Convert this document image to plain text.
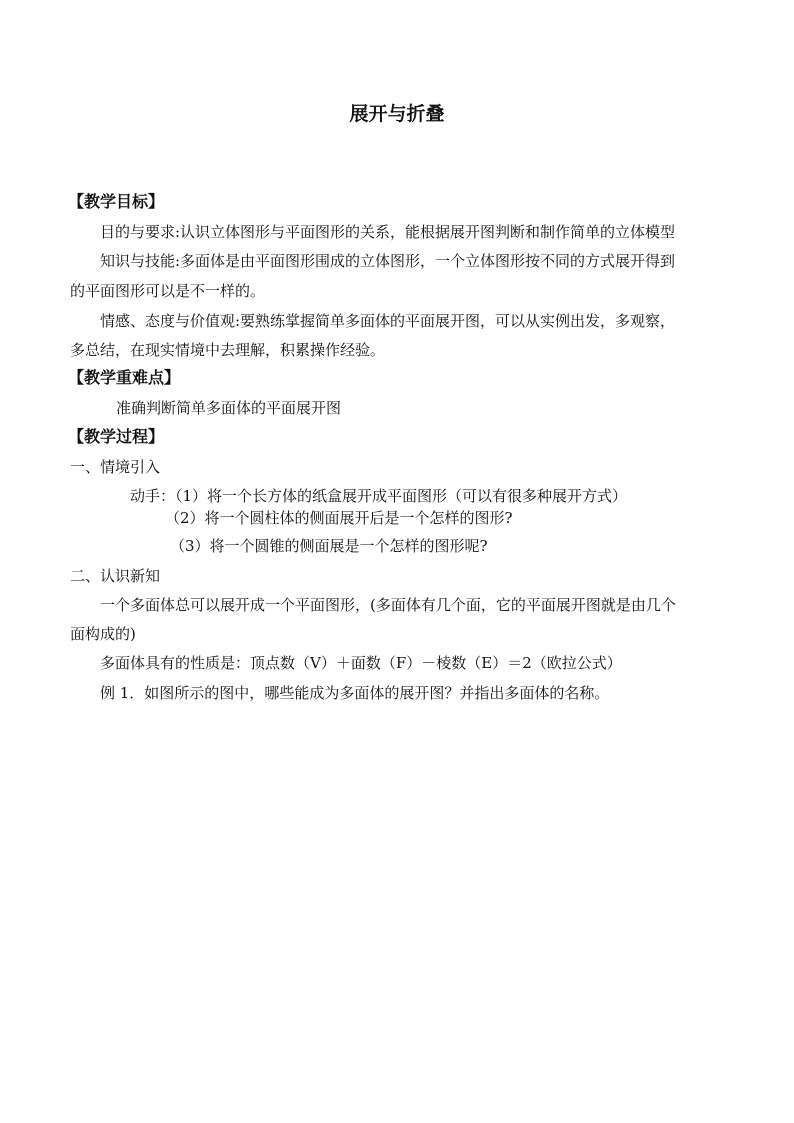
展开与折叠
【教学目标】
目的与要求:认识立体图形与平面图形的关系，能根据展开图判断和制作简单的立体模型
知识与技能:多面体是由平面图形围成的立体图形，一个立体图形按不同的方式展开得到
的平面图形可以是不一样的。
情感、态度与价值观:要熟练掌握简单多面体的平面展开图，可以从实例出发，多观察，
多总结，在现实情境中去理解，积累操作经验。
【教学重难点】
准确判断简单多面体的平面展开图
【教学过程】
一、情境引入
动手：（1）将一个长方体的纸盒展开成平面图形（可以有很多种展开方式）
（2）将一个圆柱体的侧面展开后是一个怎样的图形?
（3）将一个圆锥的侧面展是一个怎样的图形呢?
二、认识新知
一个多面体总可以展开成一个平面图形，(多面体有几个面，它的平面展开图就是由几个
面构成的)
多面体具有的性质是：顶点数（V）＋面数（F）－棱数（E）＝2（欧拉公式）
例 1．如图所示的图中，哪些能成为多面体的展开图？并指出多面体的名称。
